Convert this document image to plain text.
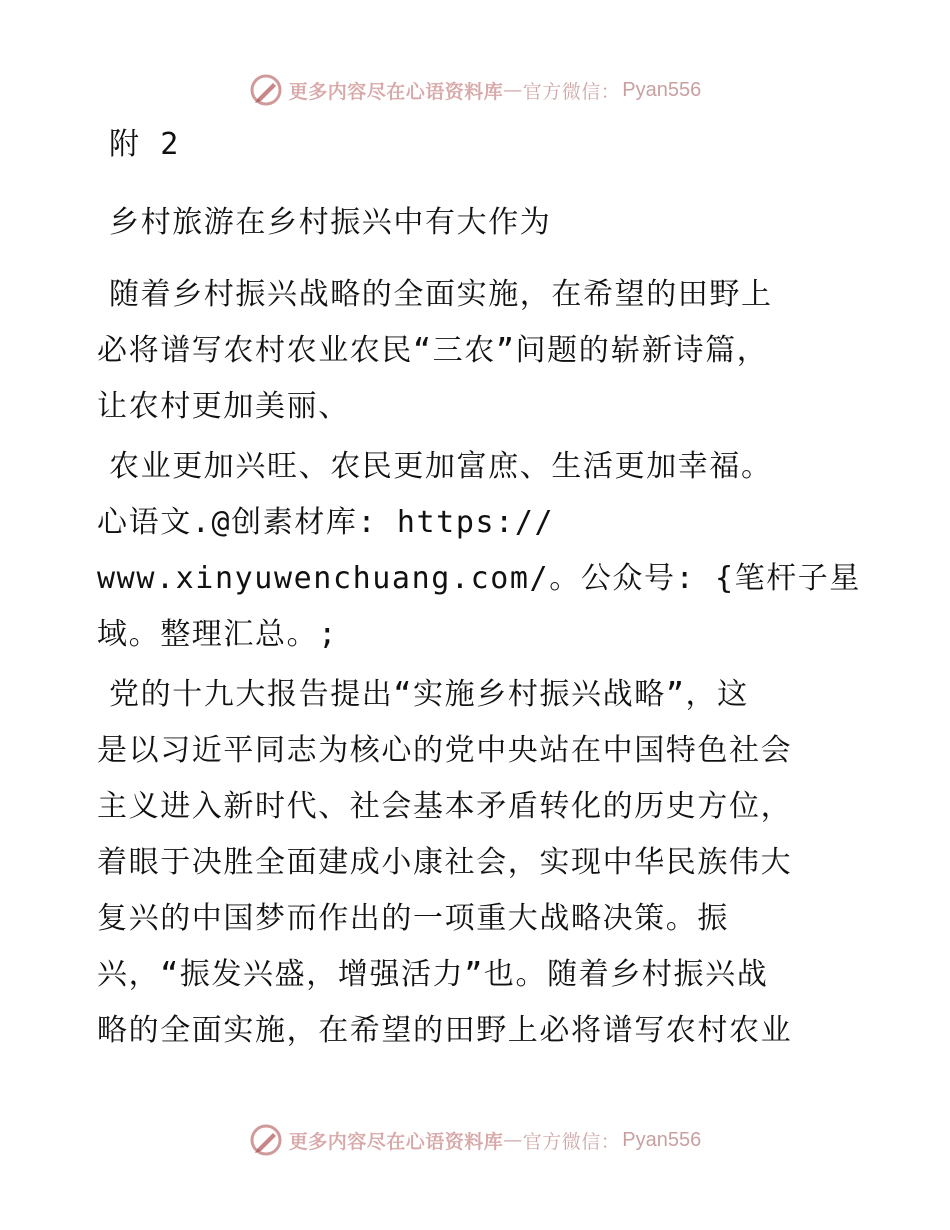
更多内容尽在心语资料库 — 官方微信： Pyan556
附 2
乡村旅游在乡村振兴中有大作为
随着乡村振兴战略的全面实施，在希望的田野上
必将谱写农村农业农民“三农”问题的崭新诗篇，
让农村更加美丽、
农业更加兴旺、农民更加富庶、生活更加幸福。
心语文.@创素材库: https://
www.xinyuwenchuang.com/。公众号: {笔杆子星
域。整理汇总。;
党的十九大报告提出“实施乡村振兴战略”，这
是以习近平同志为核心的党中央站在中国特色社会
主义进入新时代、社会基本矛盾转化的历史方位，
着眼于决胜全面建成小康社会，实现中华民族伟大
复兴的中国梦而作出的一项重大战略决策。振
兴，“振发兴盛，增强活力”也。随着乡村振兴战
略的全面实施，在希望的田野上必将谱写农村农业
更多内容尽在心语资料库 — 官方微信： Pyan556
